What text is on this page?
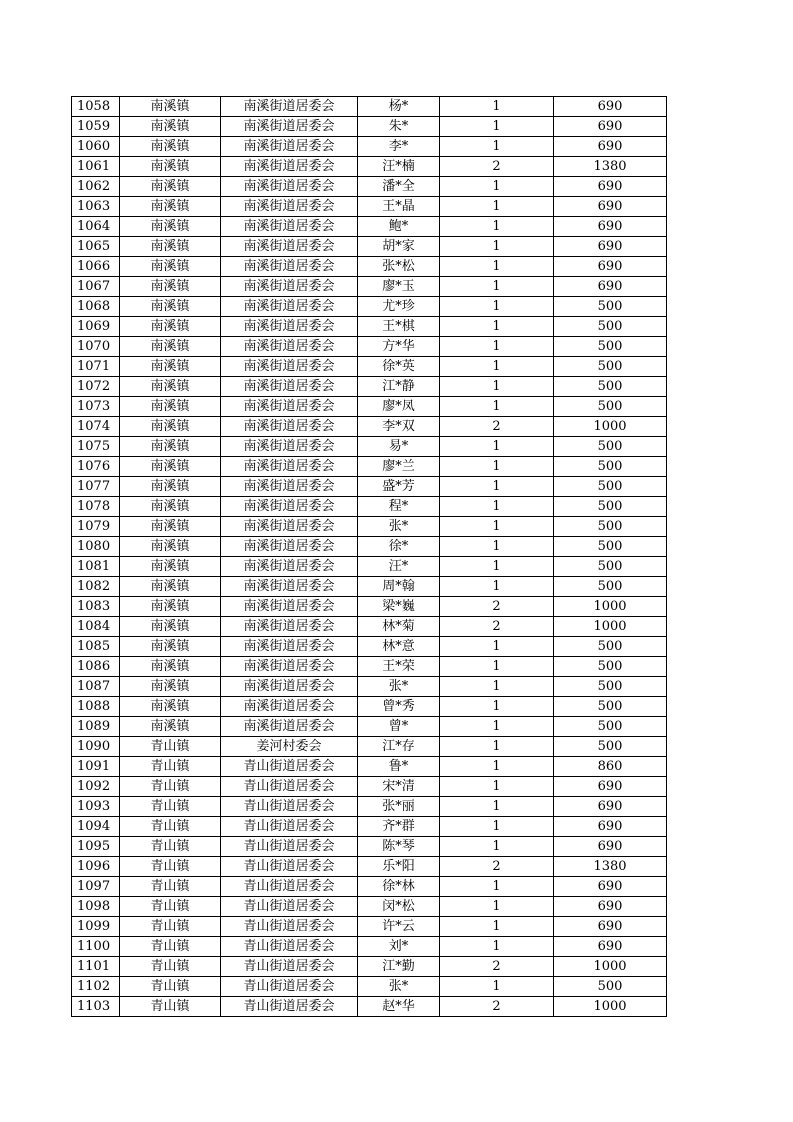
1058	南溪镇	南溪街道居委会	杨*	1	690
1059	南溪镇	南溪街道居委会	朱*	1	690
1060	南溪镇	南溪街道居委会	李*	1	690
1061	南溪镇	南溪街道居委会	汪*楠	2	1380
1062	南溪镇	南溪街道居委会	潘*全	1	690
1063	南溪镇	南溪街道居委会	王*晶	1	690
1064	南溪镇	南溪街道居委会	鲍*	1	690
1065	南溪镇	南溪街道居委会	胡*家	1	690
1066	南溪镇	南溪街道居委会	张*松	1	690
1067	南溪镇	南溪街道居委会	廖*玉	1	690
1068	南溪镇	南溪街道居委会	尤*珍	1	500
1069	南溪镇	南溪街道居委会	王*棋	1	500
1070	南溪镇	南溪街道居委会	方*华	1	500
1071	南溪镇	南溪街道居委会	徐*英	1	500
1072	南溪镇	南溪街道居委会	江*静	1	500
1073	南溪镇	南溪街道居委会	廖*凤	1	500
1074	南溪镇	南溪街道居委会	李*双	2	1000
1075	南溪镇	南溪街道居委会	易*	1	500
1076	南溪镇	南溪街道居委会	廖*兰	1	500
1077	南溪镇	南溪街道居委会	盛*芳	1	500
1078	南溪镇	南溪街道居委会	程*	1	500
1079	南溪镇	南溪街道居委会	张*	1	500
1080	南溪镇	南溪街道居委会	徐*	1	500
1081	南溪镇	南溪街道居委会	汪*	1	500
1082	南溪镇	南溪街道居委会	周*翰	1	500
1083	南溪镇	南溪街道居委会	梁*巍	2	1000
1084	南溪镇	南溪街道居委会	林*菊	2	1000
1085	南溪镇	南溪街道居委会	林*意	1	500
1086	南溪镇	南溪街道居委会	王*荣	1	500
1087	南溪镇	南溪街道居委会	张*	1	500
1088	南溪镇	南溪街道居委会	曾*秀	1	500
1089	南溪镇	南溪街道居委会	曾*	1	500
1090	青山镇	姜河村委会	江*存	1	500
1091	青山镇	青山街道居委会	鲁*	1	860
1092	青山镇	青山街道居委会	宋*清	1	690
1093	青山镇	青山街道居委会	张*丽	1	690
1094	青山镇	青山街道居委会	齐*群	1	690
1095	青山镇	青山街道居委会	陈*琴	1	690
1096	青山镇	青山街道居委会	乐*阳	2	1380
1097	青山镇	青山街道居委会	徐*林	1	690
1098	青山镇	青山街道居委会	闵*松	1	690
1099	青山镇	青山街道居委会	许*云	1	690
1100	青山镇	青山街道居委会	刘*	1	690
1101	青山镇	青山街道居委会	江*勤	2	1000
1102	青山镇	青山街道居委会	张*	1	500
1103	青山镇	青山街道居委会	赵*华	2	1000
